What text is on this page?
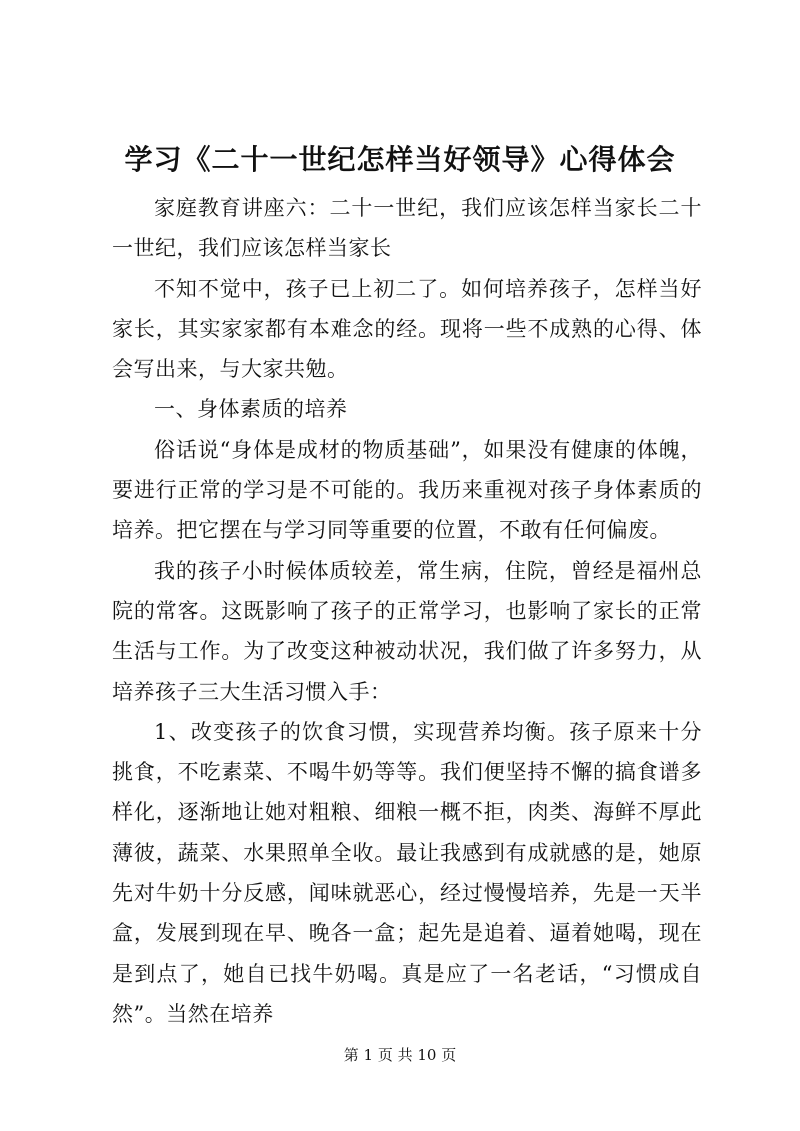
学习《二十一世纪怎样当好领导》心得体会

家庭教育讲座六：二十一世纪，我们应该怎样当家长二十一世纪，我们应该怎样当家长

不知不觉中，孩子已上初二了。如何培养孩子，怎样当好家长，其实家家都有本难念的经。现将一些不成熟的心得、体会写出来，与大家共勉。

一、身体素质的培养

俗话说“身体是成材的物质基础”，如果没有健康的体魄，要进行正常的学习是不可能的。我历来重视对孩子身体素质的培养。把它摆在与学习同等重要的位置，不敢有任何偏废。

我的孩子小时候体质较差，常生病，住院，曾经是福州总院的常客。这既影响了孩子的正常学习，也影响了家长的正常生活与工作。为了改变这种被动状况，我们做了许多努力，从培养孩子三大生活习惯入手：

1、改变孩子的饮食习惯，实现营养均衡。孩子原来十分挑食，不吃素菜、不喝牛奶等等。我们便坚持不懈的搞食谱多样化，逐渐地让她对粗粮、细粮一概不拒，肉类、海鲜不厚此薄彼，蔬菜、水果照单全收。最让我感到有成就感的是，她原先对牛奶十分反感，闻味就恶心，经过慢慢培养，先是一天半盒，发展到现在早、晚各一盒；起先是追着、逼着她喝，现在是到点了，她自已找牛奶喝。真是应了一名老话，“习惯成自然”。当然在培养

第 1 页 共 10 页
